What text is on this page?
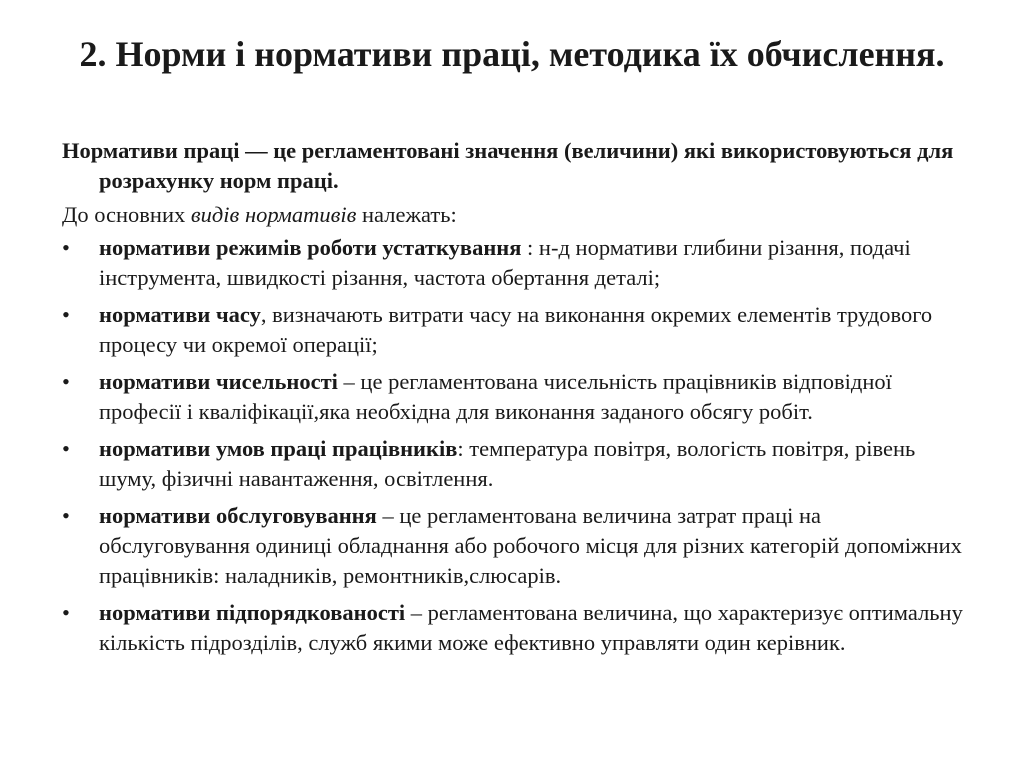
2. Норми і нормативи праці, методика їх обчислення.

Нормативи праці — це регламентовані значення (величини) які використовуються для розрахунку норм праці.

До основних видів нормативів належать:

•	нормативи режимів роботи устаткування : н-д нормативи глибини різання, подачі інструмента, швидкості різання, частота обертання деталі;
•	нормативи часу, визначають витрати часу на виконання окремих елементів трудового процесу чи окремої операції;
•	нормативи чисельності – це регламентована чисельність працівників відповідної професії і кваліфікації,яка необхідна для виконання заданого обсягу робіт.
•	нормативи умов праці працівників: температура повітря, вологість повітря, рівень шуму, фізичні навантаження, освітлення.
•	нормативи обслуговування – це регламентована величина затрат праці на обслуговування одиниці обладнання або робочого місця для різних категорій допоміжних працівників: наладників, ремонтників,слюсарів.
•	нормативи підпорядкованості – регламентована величина, що характеризує оптимальну кількість підрозділів, служб якими може ефективно управляти один керівник.
